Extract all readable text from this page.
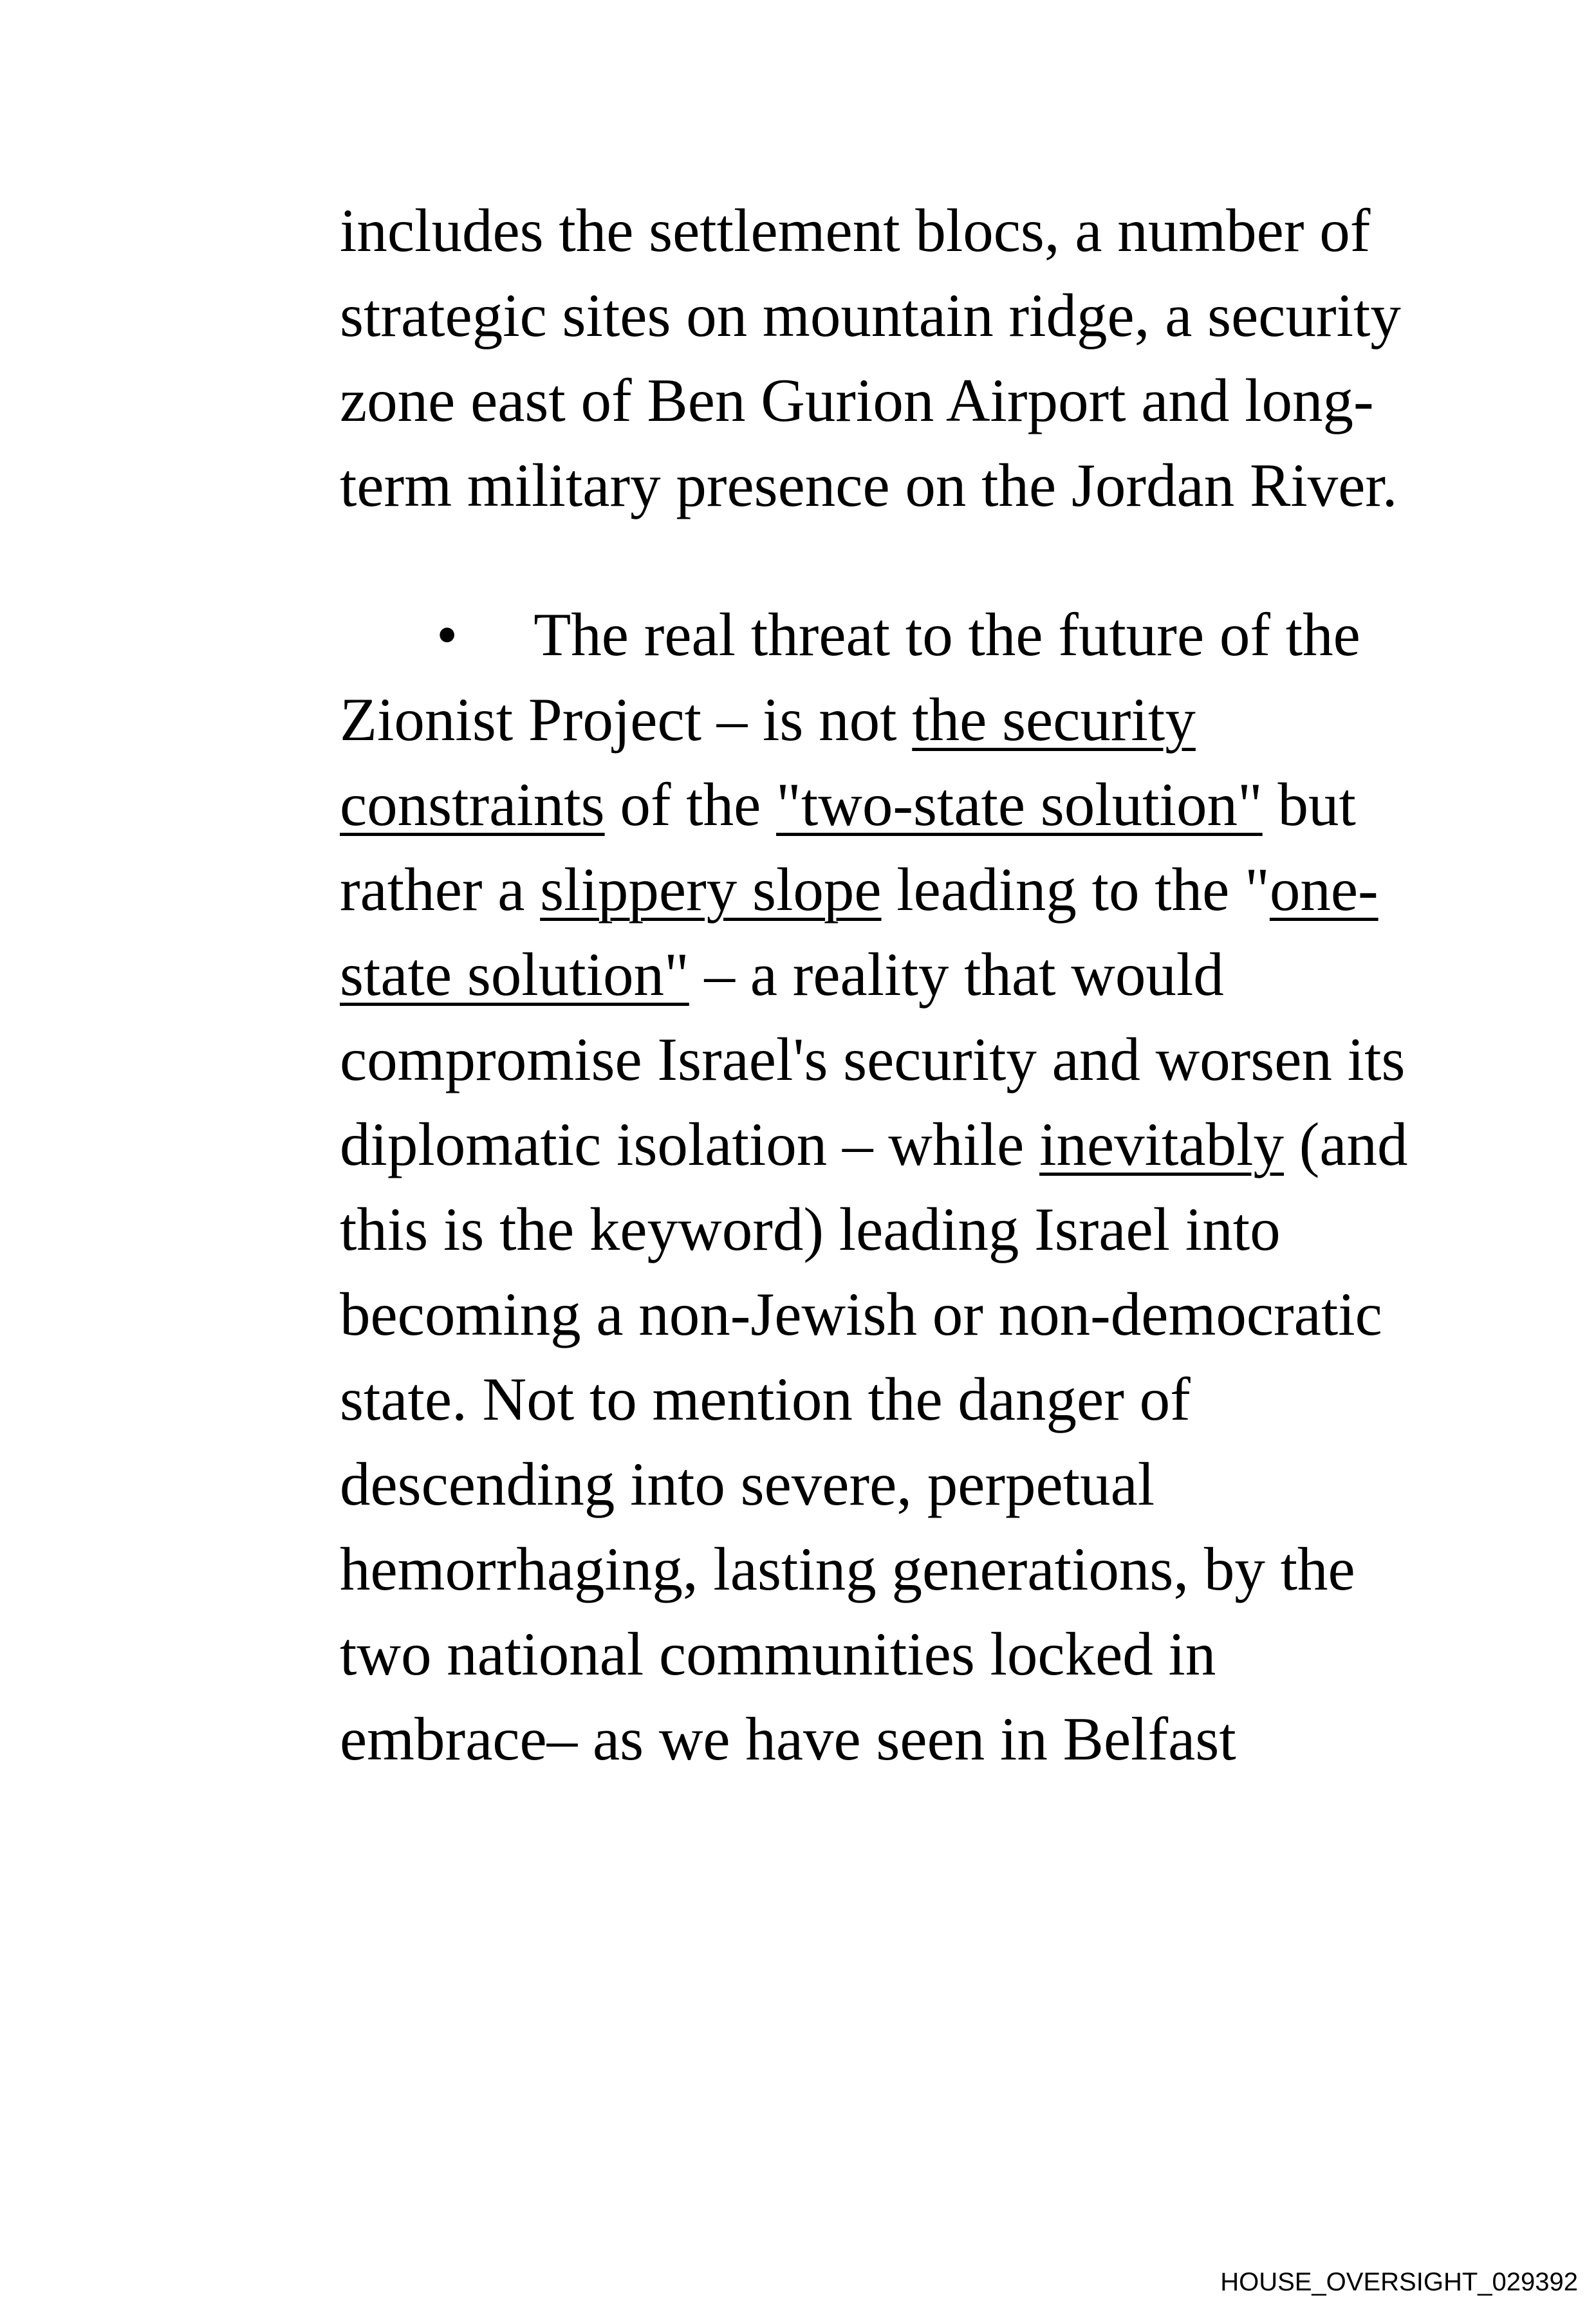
includes the settlement blocs, a number of strategic sites on mountain ridge, a security zone east of Ben Gurion Airport and long-term military presence on the Jordan River.

• The real threat to the future of the Zionist Project – is not the security constraints of the "two-state solution" but rather a slippery slope leading to the "one-state solution" – a reality that would compromise Israel's security and worsen its diplomatic isolation – while inevitably (and this is the keyword) leading Israel into becoming a non-Jewish or non-democratic state. Not to mention the danger of descending into severe, perpetual hemorrhaging, lasting generations, by the two national communities locked in embrace– as we have seen in Belfast

HOUSE_OVERSIGHT_029392
